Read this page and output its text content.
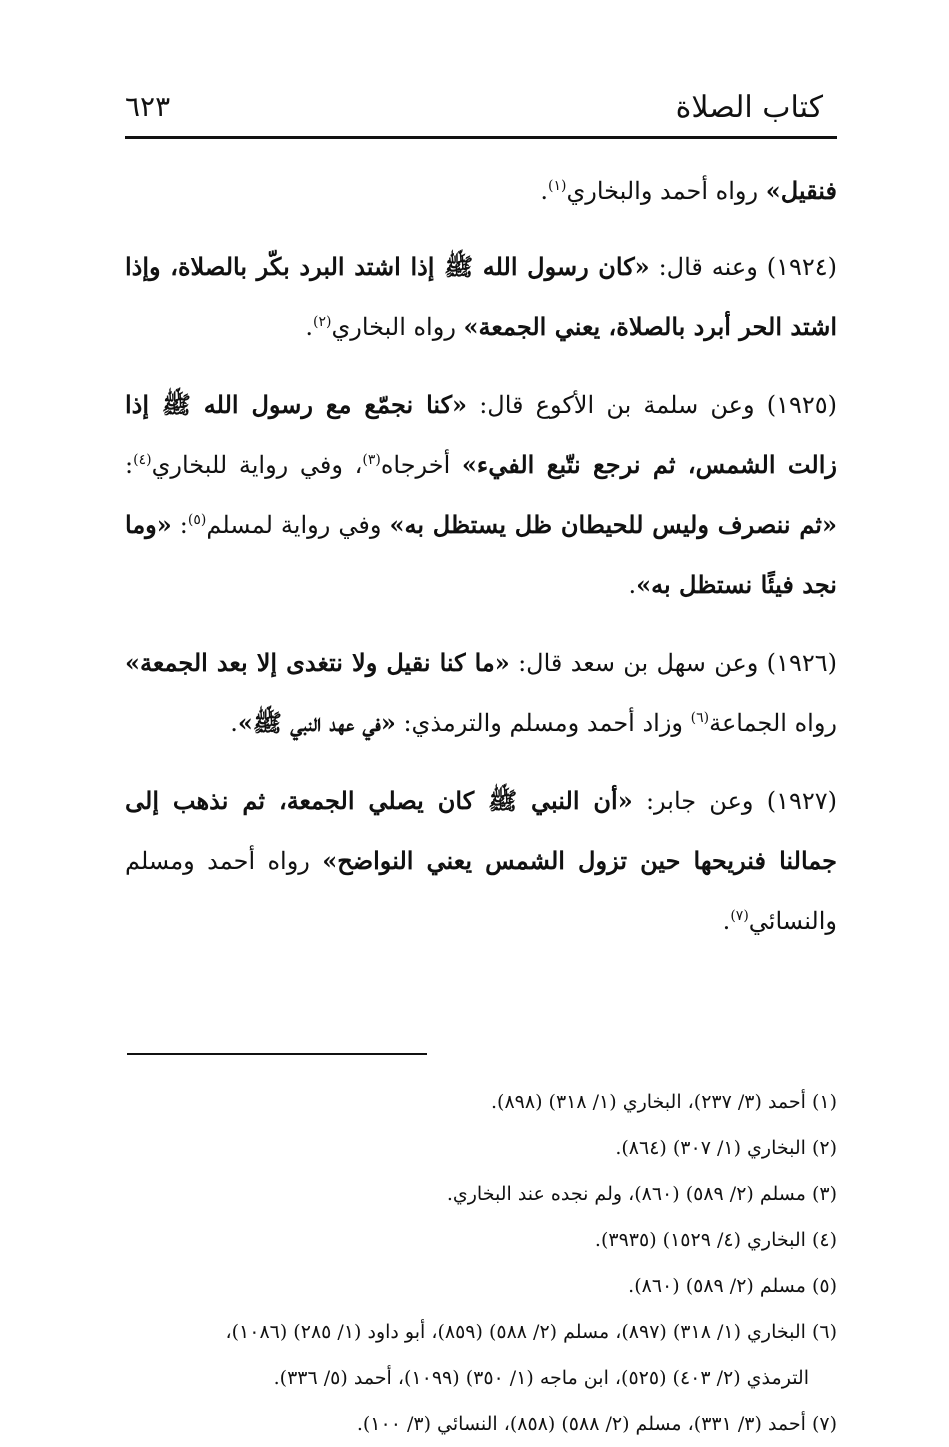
كتاب الصلاة
٦٢٣

فنقيل» رواه أحمد والبخاري$^{(١)}$.

(١٩٢٤) وعنه قال: «كان رسول الله ﷺ إذا اشتد البرد بكّر بالصلاة، وإذا اشتد الحر أبرد بالصلاة، يعني الجمعة» رواه البخاري$^{(٢)}$.

(١٩٢٥) وعن سلمة بن الأكوع قال: «كنا نجمّع مع رسول الله ﷺ إذا زالت الشمس، ثم نرجع نتّبع الفيء» أخرجاه$^{(٣)}$، وفي رواية للبخاري$^{(٤)}$: «ثم ننصرف وليس للحيطان ظل يستظل به» وفي رواية لمسلم$^{(٥)}$: «وما نجد فيئًا نستظل به».

(١٩٢٦) وعن سهل بن سعد قال: «ما كنا نقيل ولا نتغدى إلا بعد الجمعة» رواه الجماعة$^{(٦)}$ وزاد أحمد ومسلم والترمذي: «في عهد النبي ﷺ».

(١٩٢٧) وعن جابر: «أن النبي ﷺ كان يصلي الجمعة، ثم نذهب إلى جمالنا فنريحها حين تزول الشمس يعني النواضح» رواه أحمد ومسلم والنسائي$^{(٧)}$.

(١)أحمد (٣/ ٢٣٧)، البخاري (١/ ٣١٨) (٨٩٨).

(٢)البخاري (١/ ٣٠٧) (٨٦٤).

(٣)مسلم (٢/ ٥٨٩) (٨٦٠)، ولم نجده عند البخاري.

(٤)البخاري (٤/ ١٥٢٩) (٣٩٣٥).

(٥)مسلم (٢/ ٥٨٩) (٨٦٠).

(٦)البخاري (١/ ٣١٨) (٨٩٧)، مسلم (٢/ ٥٨٨) (٨٥٩)، أبو داود (١/ ٢٨٥) (١٠٨٦)،
الترمذي (٢/ ٤٠٣) (٥٢٥)، ابن ماجه (١/ ٣٥٠) (١٠٩٩)، أحمد (٥/ ٣٣٦).

(٧)أحمد (٣/ ٣٣١)، مسلم (٢/ ٥٨٨) (٨٥٨)، النسائي (٣/ ١٠٠).
